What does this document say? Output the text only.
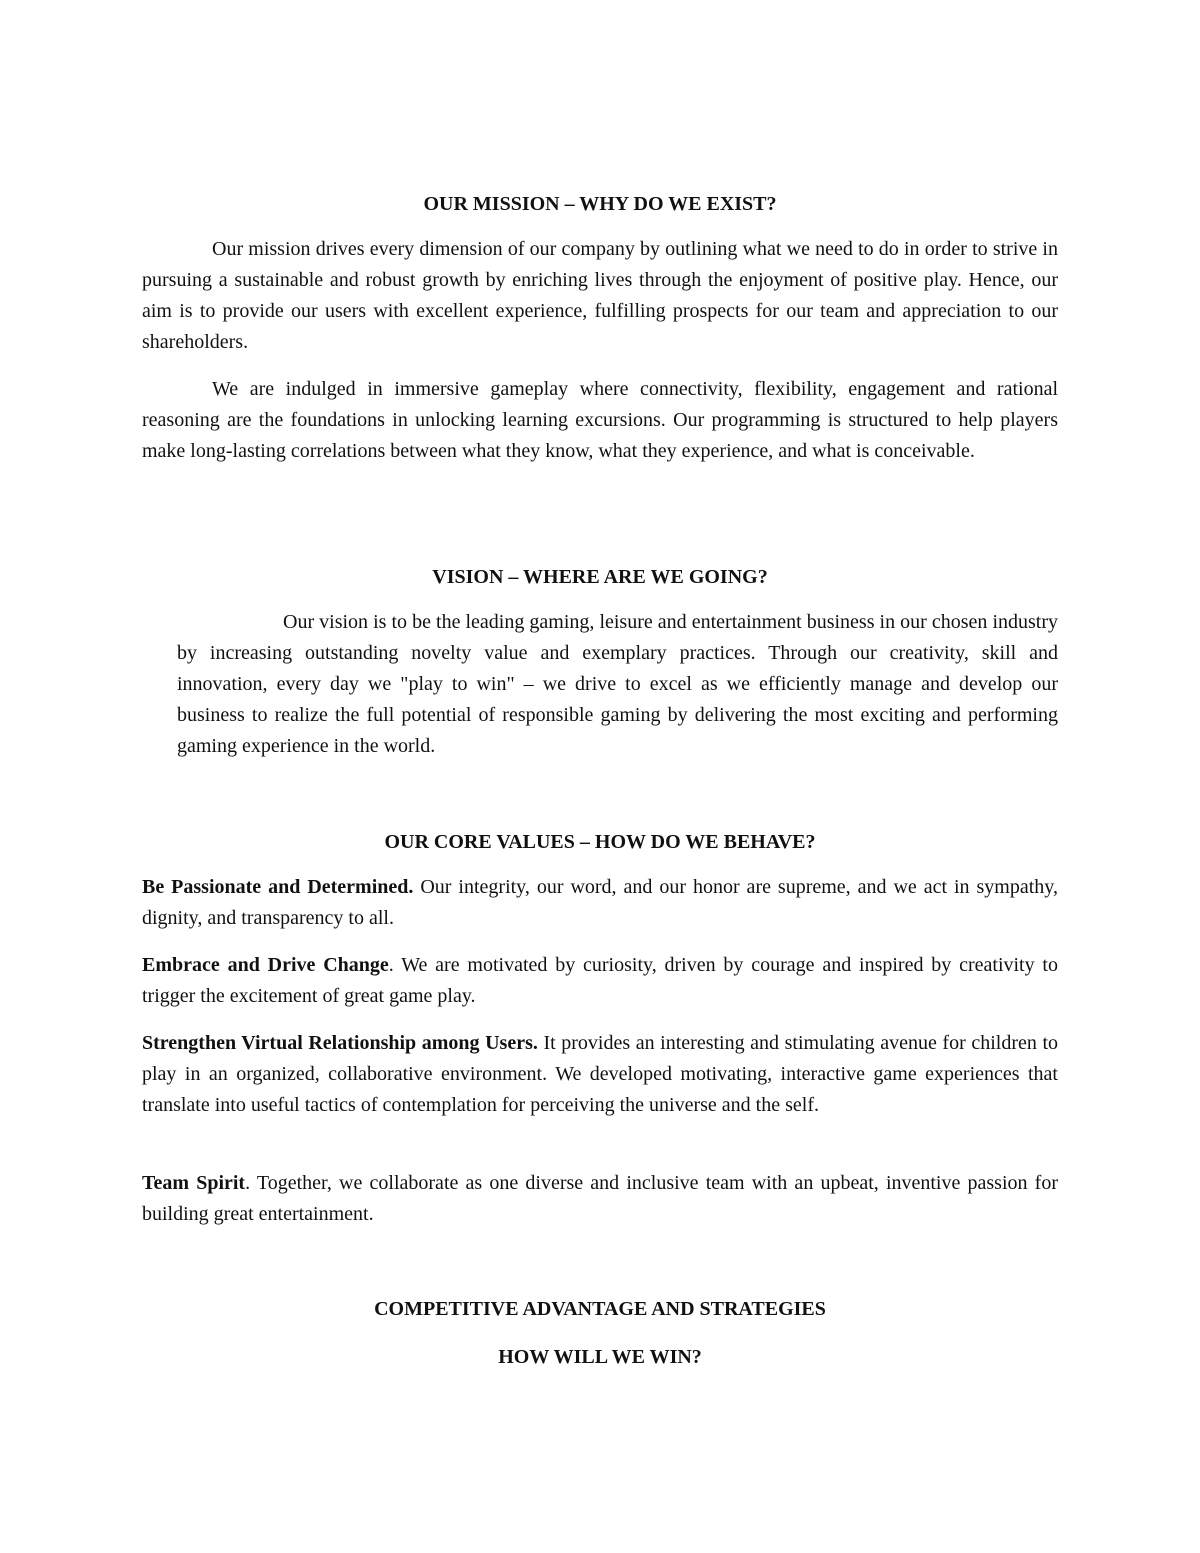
OUR MISSION – WHY DO WE EXIST?

Our mission drives every dimension of our company by outlining what we need to do in order to strive in pursuing a sustainable and robust growth by enriching lives through the enjoyment of positive play. Hence, our aim is to provide our users with excellent experience, fulfilling prospects for our team and appreciation to our shareholders.

We are indulged in immersive gameplay where connectivity, flexibility, engagement and rational reasoning are the foundations in unlocking learning excursions. Our programming is structured to help players make long-lasting correlations between what they know, what they experience, and what is conceivable.

VISION – WHERE ARE WE GOING?

Our vision is to be the leading gaming, leisure and entertainment business in our chosen industry by increasing outstanding novelty value and exemplary practices. Through our creativity, skill and innovation, every day we "play to win" – we drive to excel as we efficiently manage and develop our business to realize the full potential of responsible gaming by delivering the most exciting and performing gaming experience in the world.

OUR CORE VALUES – HOW DO WE BEHAVE?

Be Passionate and Determined. Our integrity, our word, and our honor are supreme, and we act in sympathy, dignity, and transparency to all.

Embrace and Drive Change. We are motivated by curiosity, driven by courage and inspired by creativity to trigger the excitement of great game play.

Strengthen Virtual Relationship among Users. It provides an interesting and stimulating avenue for children to play in an organized, collaborative environment. We developed motivating, interactive game experiences that translate into useful tactics of contemplation for perceiving the universe and the self.

Team Spirit. Together, we collaborate as one diverse and inclusive team with an upbeat, inventive passion for building great entertainment.

COMPETITIVE ADVANTAGE AND STRATEGIES
HOW WILL WE WIN?
